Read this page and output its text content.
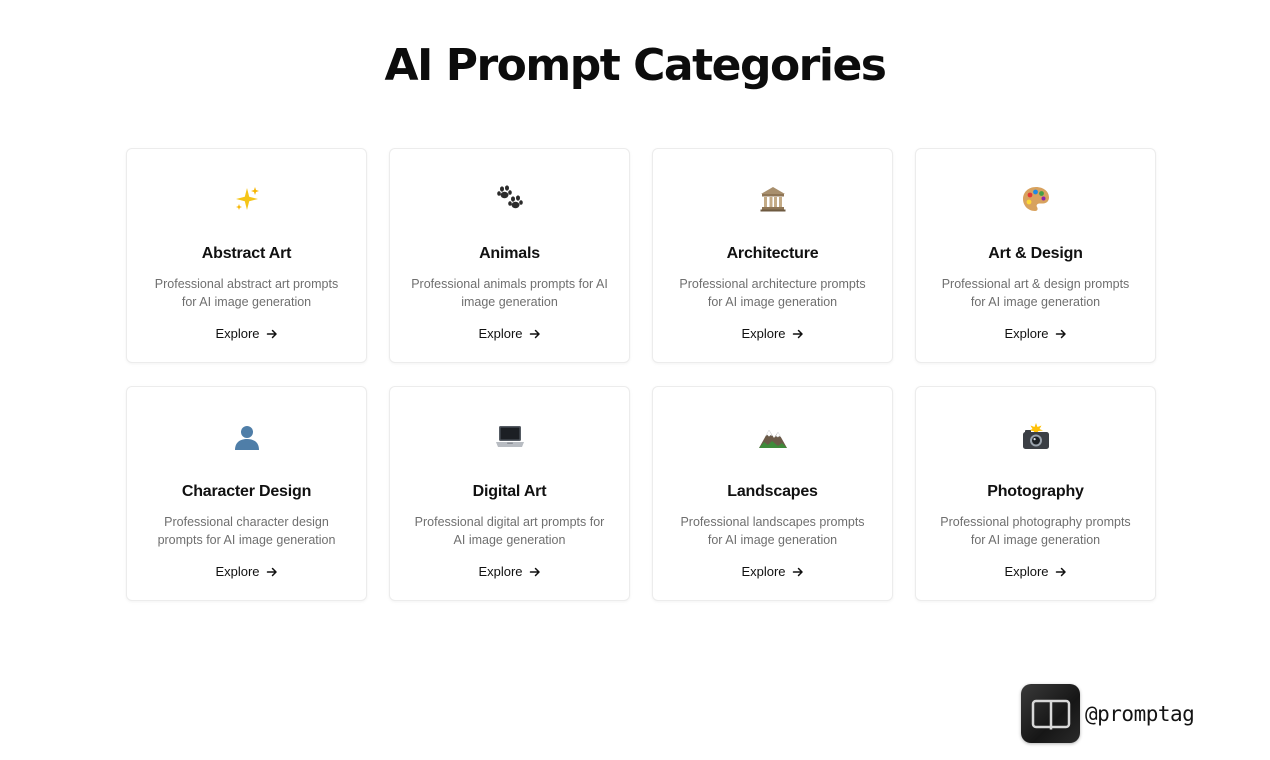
AI Prompt Categories
Abstract Art
Professional abstract art prompts for AI image generation
Explore
Animals
Professional animals prompts for AI image generation
Explore
Architecture
Professional architecture prompts for AI image generation
Explore
Art & Design
Professional art & design prompts for AI image generation
Explore
Character Design
Professional character design prompts for AI image generation
Explore
Digital Art
Professional digital art prompts for AI image generation
Explore
Landscapes
Professional landscapes prompts for AI image generation
Explore
Photography
Professional photography prompts for AI image generation
Explore
@promptag
